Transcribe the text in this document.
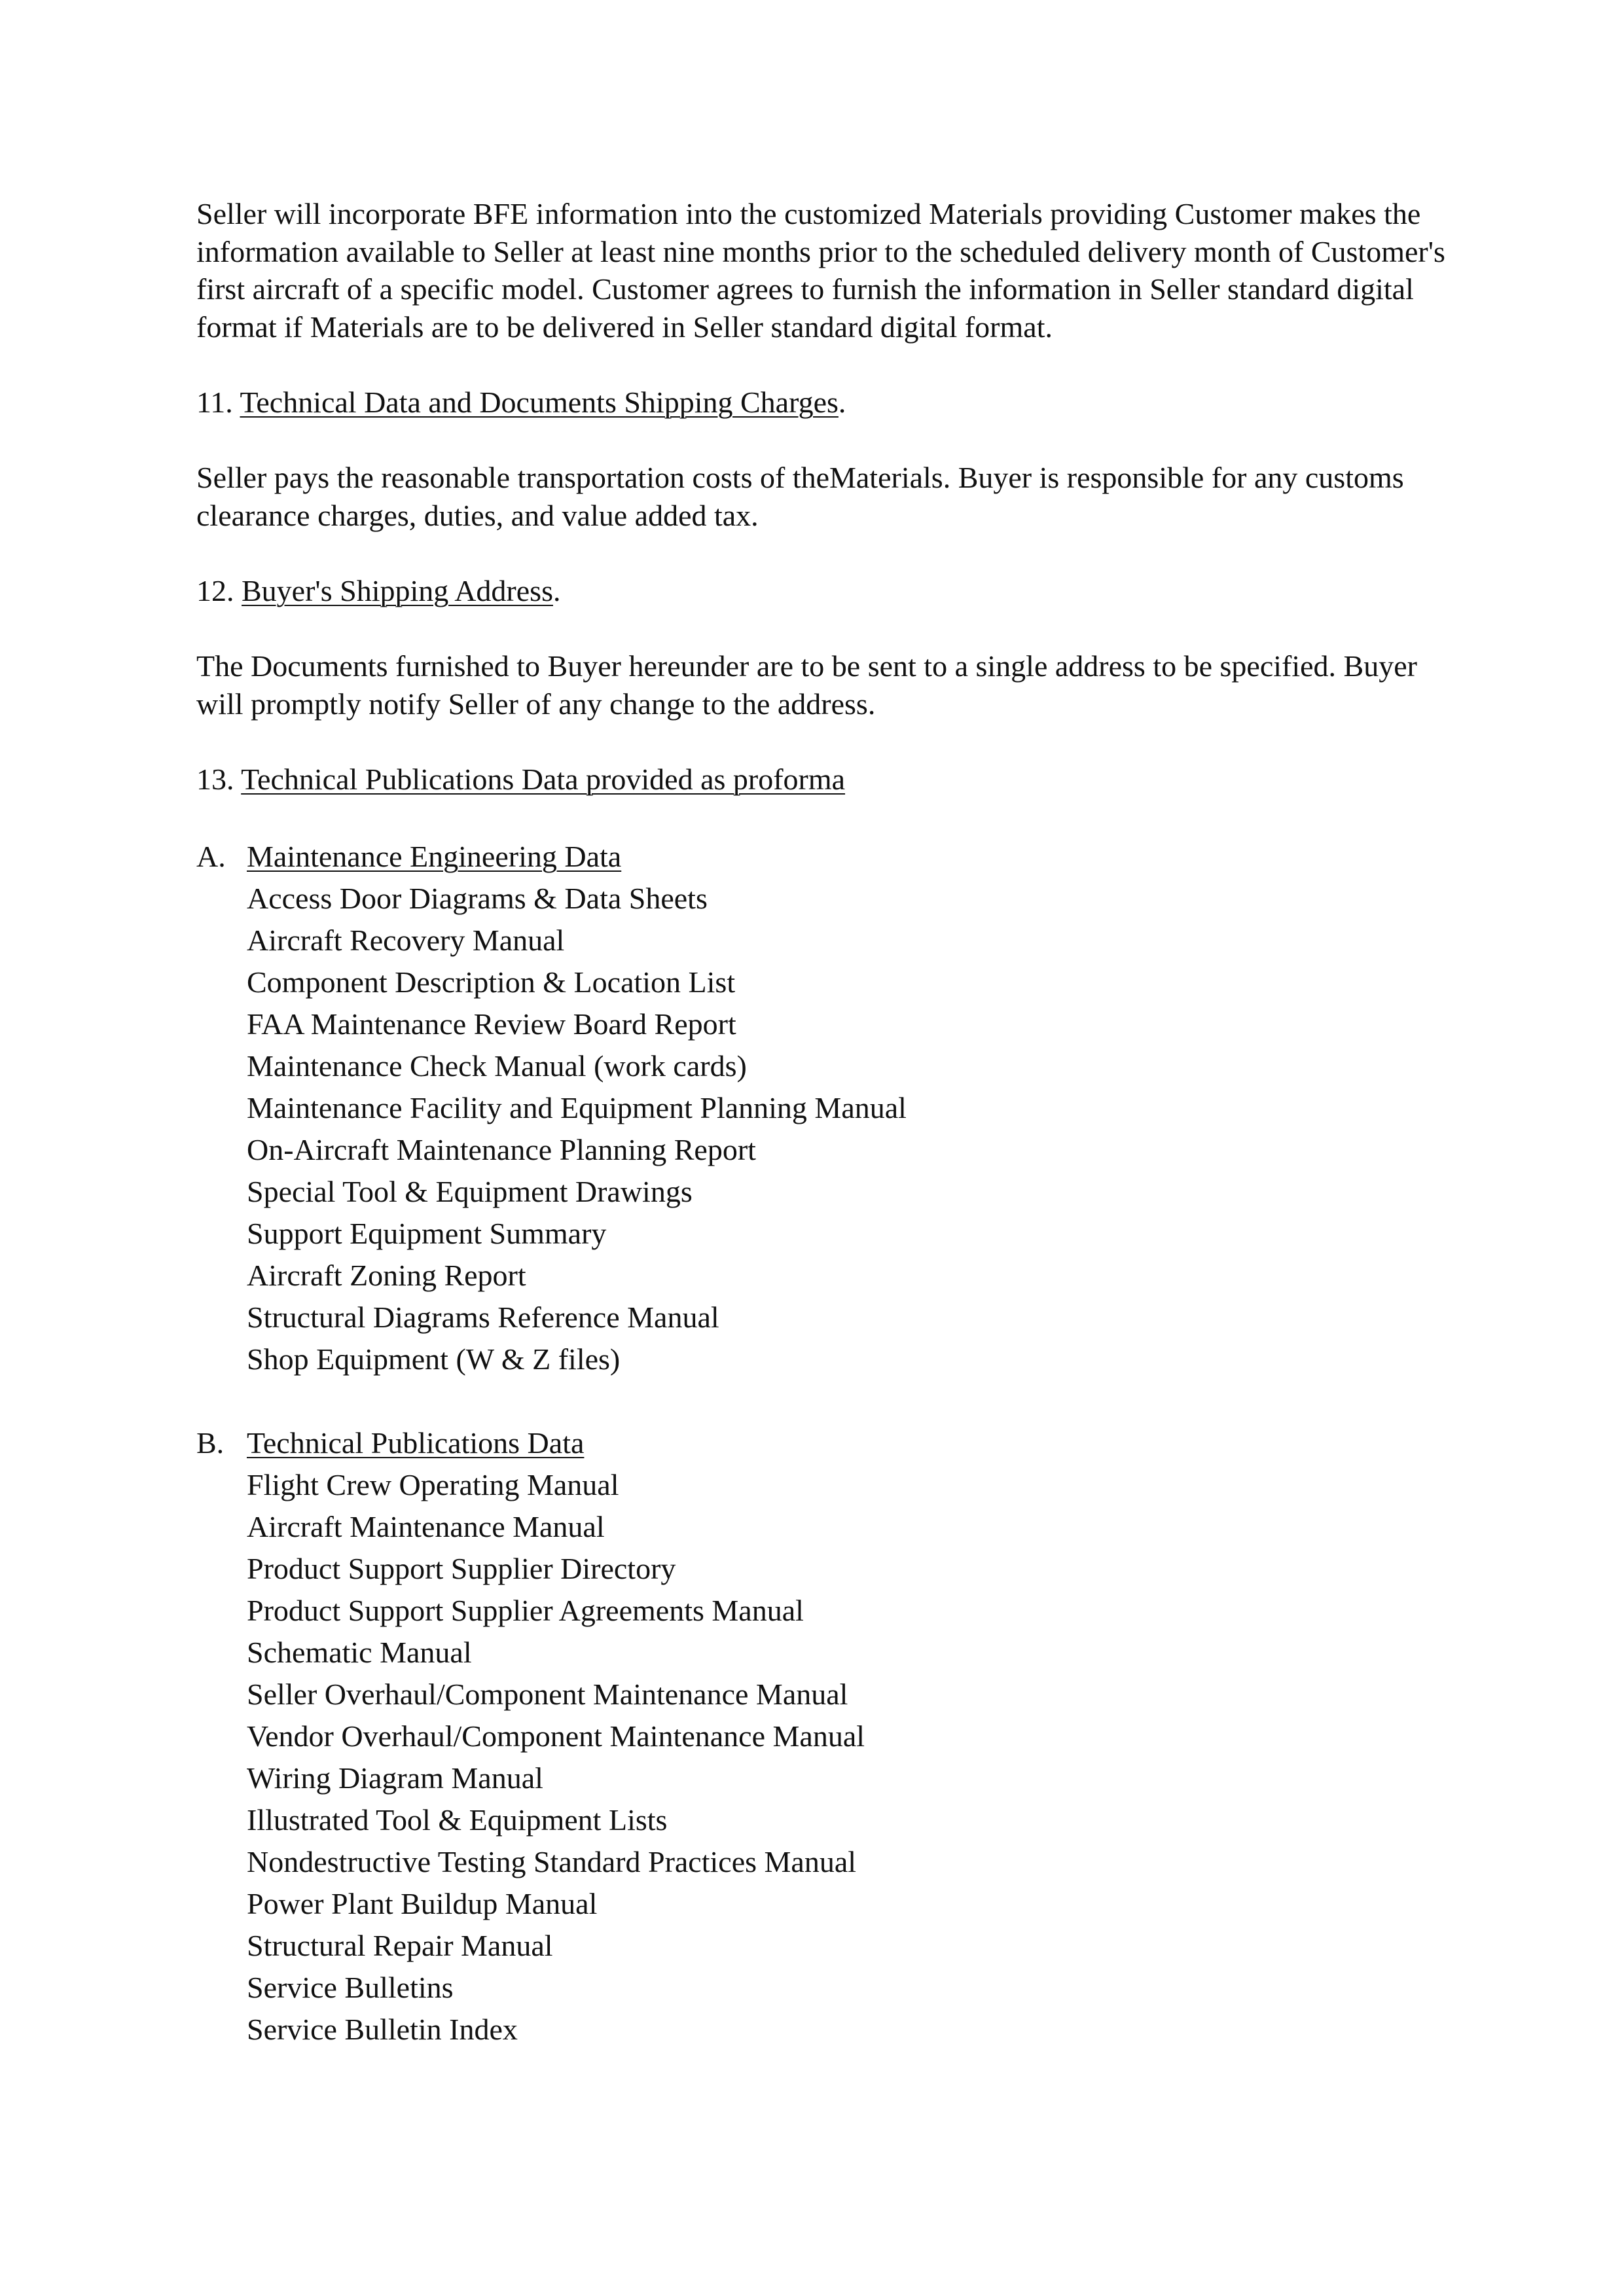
Seller will incorporate BFE information into the customized Materials providing Customer makes the information available to Seller at least nine months prior to the scheduled delivery month of Customer's first aircraft of a specific model. Customer agrees to furnish the information in Seller standard digital format if Materials are to be delivered in Seller standard digital format.

11. Technical Data and Documents Shipping Charges.

Seller pays the reasonable transportation costs of theMaterials. Buyer is responsible for any customs clearance charges, duties, and value added tax.

12. Buyer's Shipping Address.

The Documents furnished to Buyer hereunder are to be sent to a single address to be specified. Buyer will promptly notify Seller of any change to the address.

13. Technical Publications Data provided as proforma

A. Maintenance Engineering Data
Access Door Diagrams & Data Sheets
Aircraft Recovery Manual
Component Description & Location List
FAA Maintenance Review Board Report
Maintenance Check Manual (work cards)
Maintenance Facility and Equipment Planning Manual
On-Aircraft Maintenance Planning Report
Special Tool & Equipment Drawings
Support Equipment Summary
Aircraft Zoning Report
Structural Diagrams Reference Manual
Shop Equipment (W & Z files)
B. Technical Publications Data
Flight Crew Operating Manual
Aircraft Maintenance Manual
Product Support Supplier Directory
Product Support Supplier Agreements Manual
Schematic Manual
Seller Overhaul/Component Maintenance Manual
Vendor Overhaul/Component Maintenance Manual
Wiring Diagram Manual
Illustrated Tool & Equipment Lists
Nondestructive Testing Standard Practices Manual
Power Plant Buildup Manual
Structural Repair Manual
Service Bulletins
Service Bulletin Index
